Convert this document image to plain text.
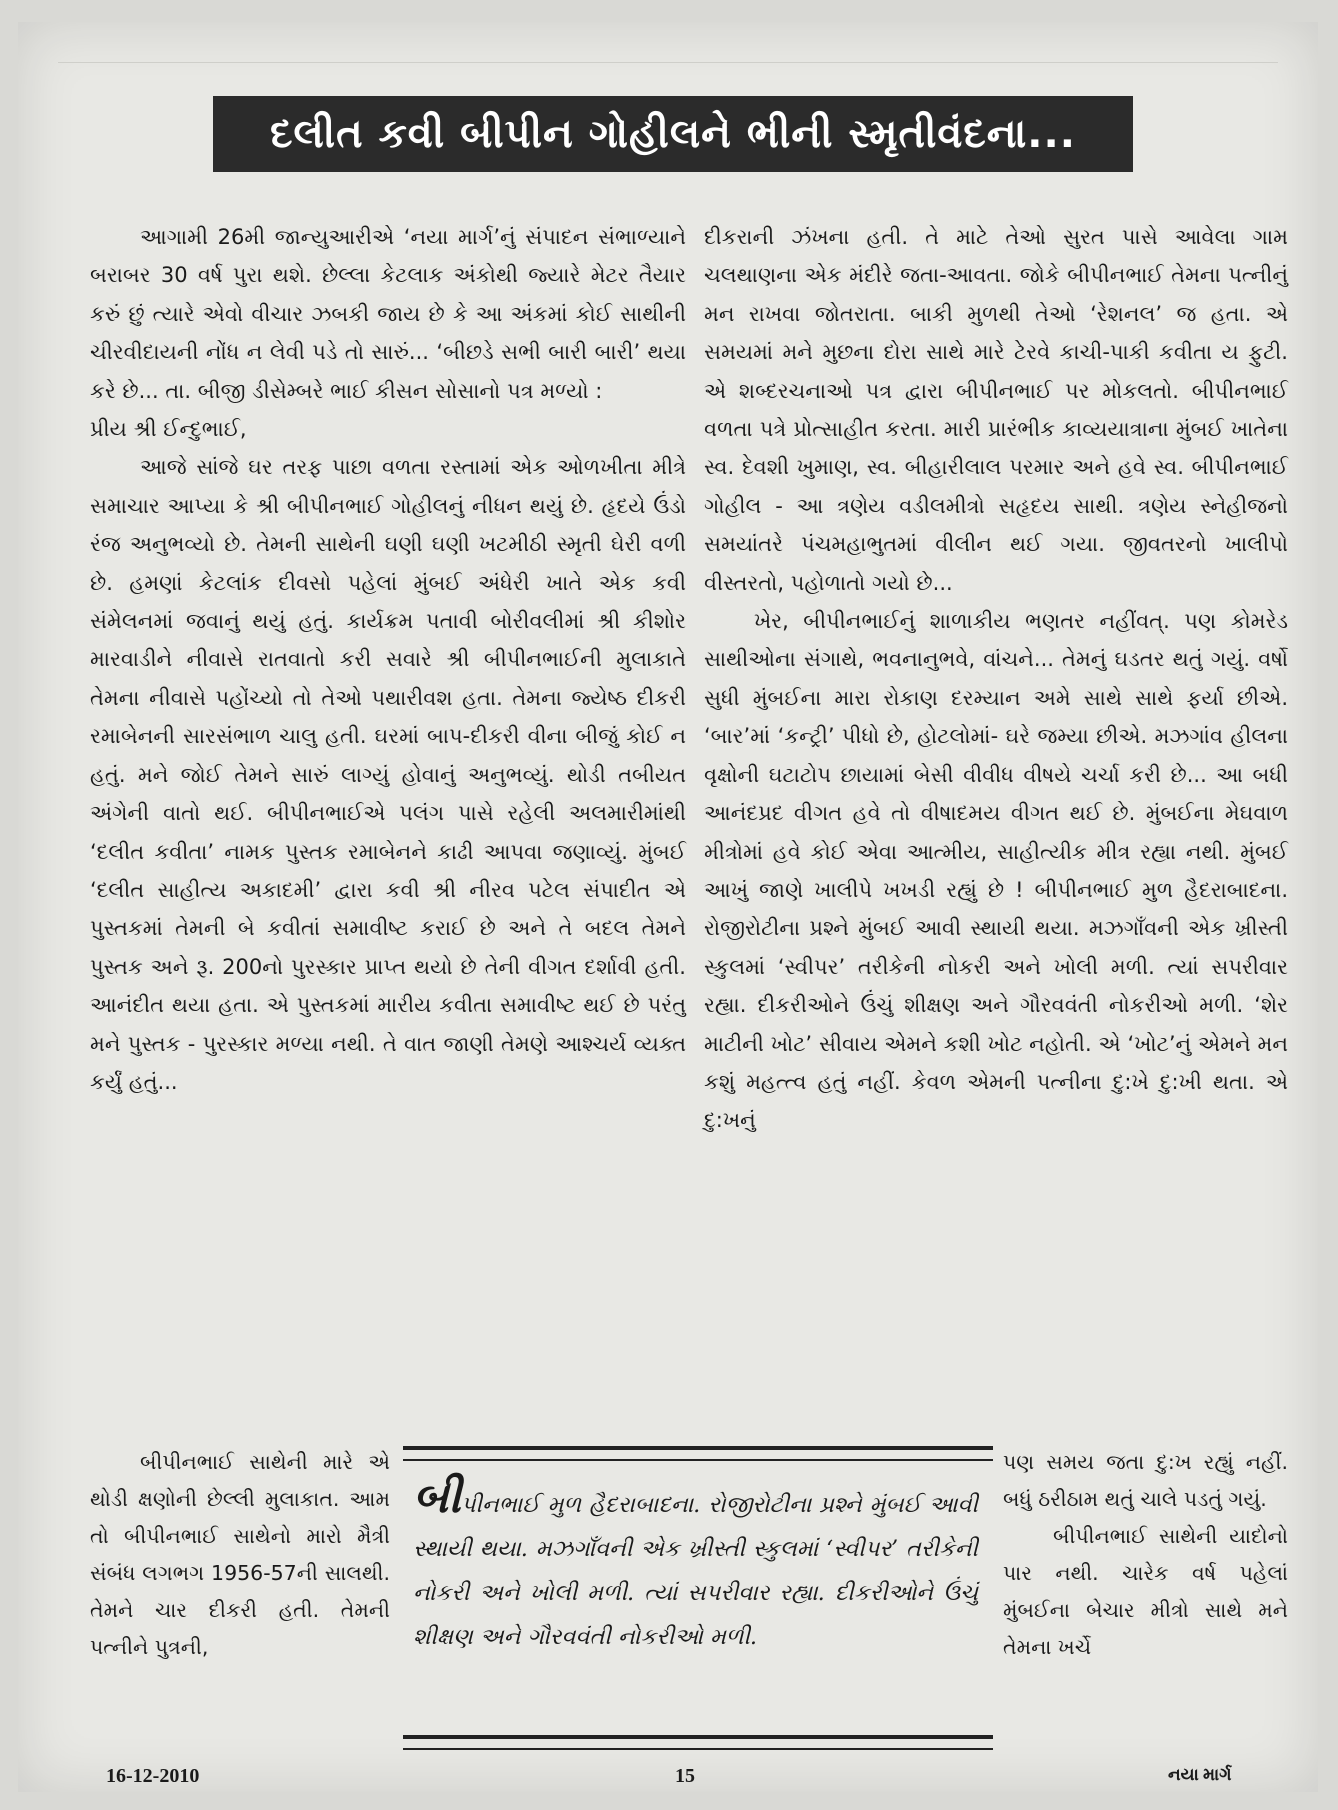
દલીત કવી બીપીન ગોહીલને ભીની સ્મૃતીવંદના...

આગામી 26મી જાન્યુઆરીએ ‘નયા માર્ગ’નું સંપાદન સંભાળ્યાને બરાબર 30 વર્ષ પુરા થશે. છેલ્લા કેટલાક અંકોથી જ્યારે મેટર તૈયાર કરું છું ત્યારે એવો વીચાર ઝબકી જાય છે કે આ અંકમાં કોઈ સાથીની ચીરવીદાયની નોંધ ન લેવી પડે તો સારું... ‘બીછડે સભી બારી બારી’ થયા કરે છે... તા. બીજી ડીસેમ્બરે ભાઈ કીસન સોસાનો પત્ર મળ્યો :

પ્રીય શ્રી ઈન્દુભાઈ,

આજે સાંજે ઘર તરફ પાછા વળતા રસ્તામાં એક ઓળખીતા મીત્રે સમાચાર આપ્યા કે શ્રી બીપીનભાઈ ગોહીલનું નીધન થયું છે. હૃદયે ઉંડો રંજ અનુભવ્યો છે. તેમની સાથેની ઘણી ઘણી ખટમીઠી સ્મૃતી ઘેરી વળી છે. હમણાં કેટલાંક દીવસો પહેલાં મુંબઈ અંધેરી ખાતે એક કવી સંમેલનમાં જવાનું થયું હતું. કાર્યક્રમ પતાવી બોરીવલીમાં શ્રી કીશોર મારવાડીને નીવાસે રાતવાતો કરી સવારે શ્રી બીપીનભાઈની મુલાકાતે તેમના નીવાસે પહોંચ્યો તો તેઓ પથારીવશ હતા. તેમના જ્યેષ્ઠ દીકરી રમાબેનની સારસંભાળ ચાલુ હતી. ઘરમાં બાપ-દીકરી વીના બીજું કોઈ ન હતું. મને જોઈ તેમને સારું લાગ્યું હોવાનું અનુભવ્યું. થોડી તબીયત અંગેની વાતો થઈ. બીપીનભાઈએ પલંગ પાસે રહેલી અલમારીમાંથી ‘દલીત કવીતા’ નામક પુસ્તક રમાબેનને કાઢી આપવા જણાવ્યું. મુંબઈ ‘દલીત સાહીત્ય અકાદમી’ દ્વારા કવી શ્રી નીરવ પટેલ સંપાદીત એ પુસ્તકમાં તેમની બે કવીતાં સમાવીષ્ટ કરાઈ છે અને તે બદલ તેમને પુસ્તક અને રૂ. 200નો પુરસ્કાર પ્રાપ્ત થયો છે તેની વીગત દર્શાવી હતી. આનંદીત થયા હતા. એ પુસ્તકમાં મારીય કવીતા સમાવીષ્ટ થઈ છે પરંતુ મને પુસ્તક - પુરસ્કાર મળ્યા નથી. તે વાત જાણી તેમણે આશ્ચર્ય વ્યક્ત કર્યું હતું...

દીકરાની ઝંખના હતી. તે માટે તેઓ સુરત પાસે આવેલા ગામ ચલથાણના એક મંદીરે જતા-આવતા. જોકે બીપીનભાઈ તેમના પત્નીનું મન રાખવા જોતરાતા. બાકી મુળથી તેઓ ‘રેશનલ’ જ હતા. એ સમયમાં મને મુછના દોરા સાથે મારે ટેરવે કાચી-પાકી કવીતા ય ફુટી. એ શબ્દરચનાઓ પત્ર દ્વારા બીપીનભાઈ પર મોકલતો. બીપીનભાઈ વળતા પત્રે પ્રોત્સાહીત કરતા. મારી પ્રારંભીક કાવ્યયાત્રાના મુંબઈ ખાતેના સ્વ. દેવશી ખુમાણ, સ્વ. બીહારીલાલ પરમાર અને હવે સ્વ. બીપીનભાઈ ગોહીલ - આ ત્રણેય વડીલમીત્રો સહૃદય સાથી. ત્રણેય સ્નેહીજનો સમયાંતરે પંચમહાભુતમાં વીલીન થઈ ગયા. જીવતરનો ખાલીપો વીસ્તરતો, પહોળાતો ગયો છે...

ખેર, બીપીનભાઈનું શાળાકીય ભણતર નહીંવત્. પણ કોમરેડ સાથીઓના સંગાથે, ભવનાનુભવે, વાંચને... તેમનું ઘડતર થતું ગયું. વર્ષો સુધી મુંબઈના મારા રોકાણ દરમ્યાન અમે સાથે સાથે ફર્યા છીએ. ‘બાર’માં ‘કન્ટ્રી’ પીધો છે, હોટલોમાં- ઘરે જમ્યા છીએ. મઝગાંવ હીલના વૃક્ષોની ઘટાટોપ છાયામાં બેસી વીવીધ વીષયે ચર્ચા કરી છે... આ બધી આનંદપ્રદ વીગત હવે તો વીષાદમય વીગત થઈ છે. મુંબઈના મેઘવાળ મીત્રોમાં હવે કોઈ એવા આત્મીય, સાહીત્યીક મીત્ર રહ્યા નથી. મુંબઈ આખું જાણે ખાલીપે ખખડી રહ્યું છે ! બીપીનભાઈ મુળ હૈદરાબાદના. રોજીરોટીના પ્રશ્ને મુંબઈ આવી સ્થાયી થયા. મઝગાઁવની એક ખ્રીસ્તી સ્કુલમાં ‘સ્વીપર’ તરીકેની નોકરી અને ખોલી મળી. ત્યાં સપરીવાર રહ્યા. દીકરીઓને ઉંચું શીક્ષણ અને ગૌરવવંતી નોકરીઓ મળી. ‘શેર માટીની ખોટ’ સીવાય એમને કશી ખોટ નહોતી. એ ‘ખોટ’નું એમને મન કશું મહત્ત્વ હતું નહીં. કેવળ એમની પત્નીના દુ:ખે દુ:ખી થતા. એ દુ:ખનું

બીપીનભાઈ સાથેની મારે એ થોડી ક્ષણોની છેલ્લી મુલાકાત. આમ તો બીપીનભાઈ સાથેનો મારો મૈત્રી સંબંધ લગભગ 1956-57ની સાલથી. તેમને ચાર દીકરી હતી. તેમની પત્નીને પુત્રની,

બીપીનભાઈ મુળ હૈદરાબાદના. રોજીરોટીના પ્રશ્ને મુંબઈ આવી સ્થાયી થયા. મઝગાઁવની એક ખ્રીસ્તી સ્કુલમાં ‘સ્વીપર’ તરીકેની નોકરી અને ખોલી મળી. ત્યાં સપરીવાર રહ્યા. દીકરીઓને ઉંચું શીક્ષણ અને ગૌરવવંતી નોકરીઓ મળી.

પણ સમય જતા દુ:ખ રહ્યું નહીં. બધું ઠરીઠામ થતું ચાલે પડતું ગયું.

બીપીનભાઈ સાથેની યાદોનો પાર નથી. ચારેક વર્ષ પહેલાં મુંબઈના બેચાર મીત્રો સાથે મને તેમના ખર્ચે

16-12-2010	15	નયા માર્ગ
